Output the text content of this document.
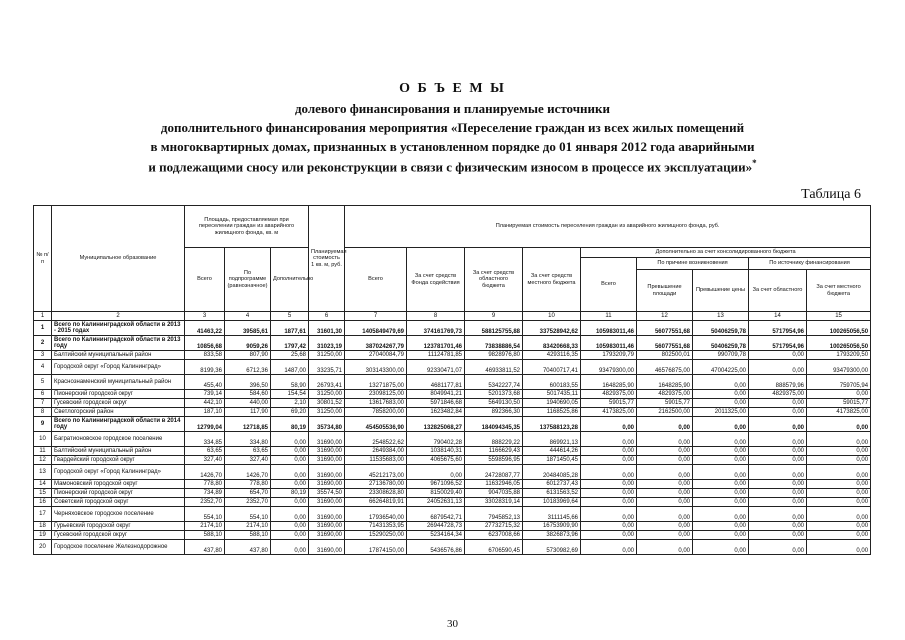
О Б Ъ Е М Ы
долевого финансирования и планируемые источники
дополнительного финансирования мероприятия «Переселение граждан из всех жилых помещений
в многоквартирных домах, признанных в установленном порядке до 01 января 2012 года аварийными
и подлежащими сносу или реконструкции в связи с физическим износом в процессе их эксплуатации»*
Таблица 6
№ п/п	Муниципальное образование	Площадь, предоставляемая при переселении граждан из аварийного жилищного фонда, кв. м			Планируемая стоимость 1 кв. м, руб.	Планируемая стоимость переселения граждан из аварийного жилищного фонда, руб.								
		Всего	По подпрограмме (равнозначное)	Дополнительно		Всего	За счет средств Фонда содействия	За счет средств областного бюджета	За счет средств местного бюджета	Дополнительно за счет консолидированного бюджета				
										Всего	По причине возникновения		По источнику финансирования	
											Превышение площади	Превышение цены	За счет областного	За счет местного бюджета
1	2	3	4	5	6	7	8	9	10	11	12	13	14	15
1	Всего по Калининградской области в 2013 - 2015 годах	41463,22	39585,61	1877,61	31601,30	1405849479,69	374161769,73	588125755,88	337528942,62	105983011,46	56077551,68	50406259,78	5717954,96	100265056,50
2	Всего по Калининградской области в 2013 году	10856,68	9059,26	1797,42	31023,19	387024267,79	123781701,46	73838886,54	83420668,33	105983011,46	56077551,68	50406259,78	5717954,96	100265056,50
3	Балтийский муниципальный район	833,58	807,90	25,68	31250,00	27040084,79	11124781,85	9828976,80	4293116,35	1793209,79	802500,01	990709,78	0,00	1793209,50
4	Городской округ «Город Калининград»	8199,36	6712,36	1487,00	33235,71	303143300,00	92330471,07	46933811,52	70400717,41	93479300,00	46576875,00	47004225,00	0,00	93479300,00
5	Краснознаменский муниципальный район	455,40	396,50	58,90	26793,41	13271875,00	4681177,81	5342227,74	600183,55	1648285,90	1648285,90	0,00	888579,96	759705,94
6	Пионерский городской округ	739,14	584,60	154,54	31250,00	23098125,00	8049941,21	5201373,68	5017435,11	4829375,00	4829375,00	0,00	4829375,00	0,00
7	Гусевский городской округ	442,10	440,00	2,10	30801,52	13617683,00	5971846,68	5649130,50	1940690,05	59015,77	59015,77	0,00	0,00	59015,77
8	Светлогорский район	187,10	117,90	69,20	31250,00	7858200,00	1623482,84	892366,30	1168525,86	4173825,00	2162500,00	2011325,00	0,00	4173825,00
9	Всего по Калининградской области в 2014 году	12799,04	12718,85	80,19	35734,80	454505536,90	132825068,27	184094345,35	137588123,28	0,00	0,00	0,00	0,00	0,00
10	Багратионовское городское поселение	334,85	334,80	0,00	31690,00	2548522,62	790402,28	888229,22	869921,13	0,00	0,00	0,00	0,00	0,00
11	Балтийский муниципальный район	63,65	63,65	0,00	31690,00	2649384,00	1038140,31	1166629,43	444614,26	0,00	0,00	0,00	0,00	0,00
12	Гвардейский городской округ	327,40	327,40	0,00	31690,00	11535683,00	4065675,60	5598596,95	1871450,45	0,00	0,00	0,00	0,00	0,00
13	Городской округ «Город Калининград»	1426,70	1426,70	0,00	31690,00	45212173,00	0,00	24728087,77	20484085,28	0,00	0,00	0,00	0,00	0,00
14	Мамоновский городской округ	778,80	778,80	0,00	31690,00	27136780,00	9671096,52	11632946,05	6012737,43	0,00	0,00	0,00	0,00	0,00
15	Пионерский городской округ	734,89	654,70	80,19	35574,50	23308628,80	8150029,40	9047035,88	6131563,52	0,00	0,00	0,00	0,00	0,00
16	Советский городской округ	2352,70	2352,70	0,00	31690,00	66264819,91	24052631,13	33028319,14	10183969,64	0,00	0,00	0,00	0,00	0,00
17	Черняховское городское поселение	554,10	554,10	0,00	31690,00	17936540,00	6879542,71	7945852,13	3111145,66	0,00	0,00	0,00	0,00	0,00
18	Гурьевский городской округ	2174,10	2174,10	0,00	31690,00	71431353,95	26944728,73	27732715,32	16753909,90	0,00	0,00	0,00	0,00	0,00
19	Гусевский городской округ	588,10	588,10	0,00	31690,00	15290250,00	5234164,34	6237008,66	3826873,96	0,00	0,00	0,00	0,00	0,00
20	Городское поселение Железнодорожное	437,80	437,80	0,00	31690,00	17874150,00	5436576,86	6706590,45	5730982,69	0,00	0,00	0,00	0,00	0,00
30
